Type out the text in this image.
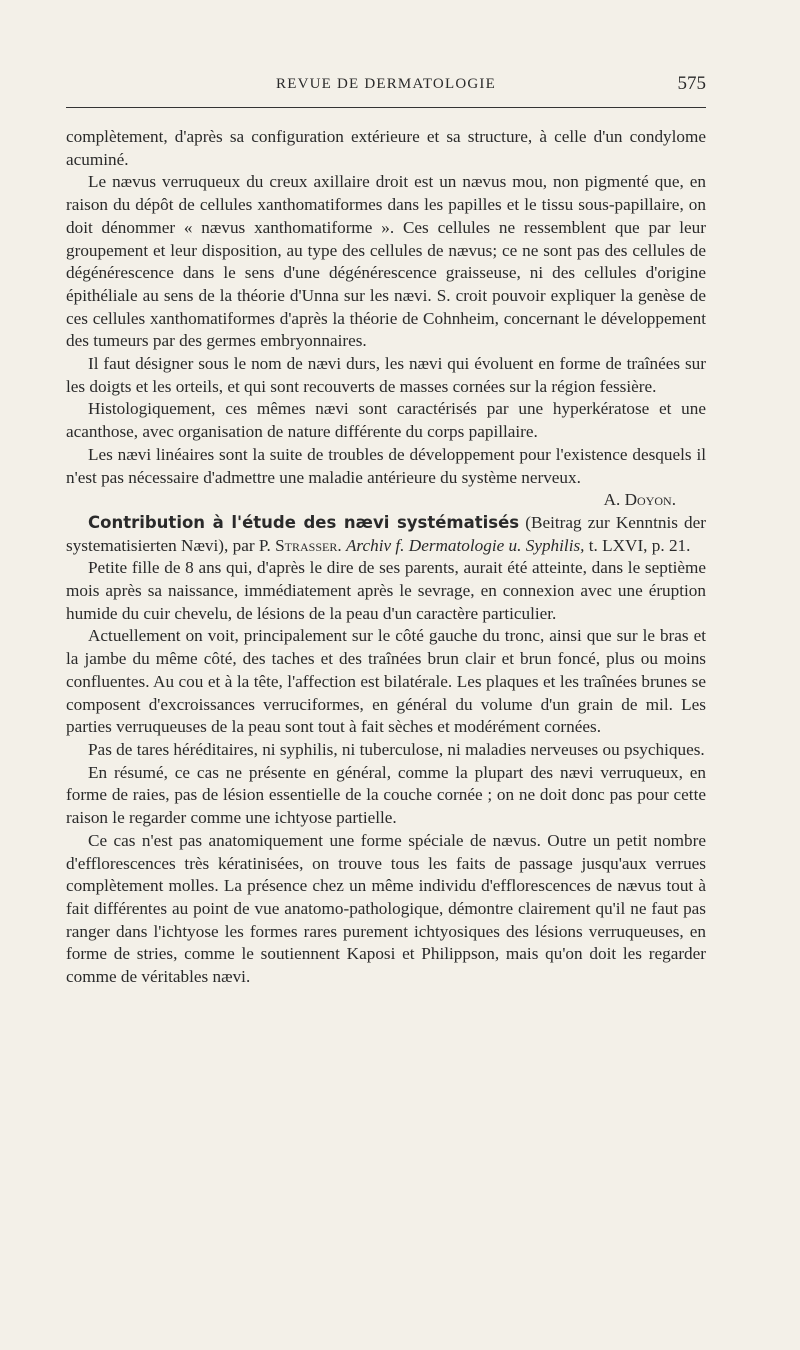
REVUE DE DERMATOLOGIE	575

complètement, d'après sa configuration extérieure et sa structure, à celle d'un condylome acuminé.

Le nævus verruqueux du creux axillaire droit est un nævus mou, non pigmenté que, en raison du dépôt de cellules xanthomatiformes dans les papilles et le tissu sous-papillaire, on doit dénommer « nævus xanthomatiforme ». Ces cellules ne ressemblent que par leur groupement et leur disposition, au type des cellules de nævus; ce ne sont pas des cellules de dégénérescence dans le sens d'une dégénérescence graisseuse, ni des cellules d'origine épithéliale au sens de la théorie d'Unna sur les nævi. S. croit pouvoir expliquer la genèse de ces cellules xanthomatiformes d'après la théorie de Cohnheim, concernant le développement des tumeurs par des germes embryonnaires.

Il faut désigner sous le nom de nævi durs, les nævi qui évoluent en forme de traînées sur les doigts et les orteils, et qui sont recouverts de masses cornées sur la région fessière.

Histologiquement, ces mêmes nævi sont caractérisés par une hyperkératose et une acanthose, avec organisation de nature différente du corps papillaire.

Les nævi linéaires sont la suite de troubles de développement pour l'existence desquels il n'est pas nécessaire d'admettre une maladie antérieure du système nerveux.

A. Doyon.

Contribution à l'étude des nævi systématisés (Beitrag zur Kenntnis der systematisierten Nævi), par P. Strasser. Archiv f. Dermatologie u. Syphilis, t. LXVI, p. 21.

Petite fille de 8 ans qui, d'après le dire de ses parents, aurait été atteinte, dans le septième mois après sa naissance, immédiatement après le sevrage, en connexion avec une éruption humide du cuir chevelu, de lésions de la peau d'un caractère particulier.

Actuellement on voit, principalement sur le côté gauche du tronc, ainsi que sur le bras et la jambe du même côté, des taches et des traînées brun clair et brun foncé, plus ou moins confluentes. Au cou et à la tête, l'affection est bilatérale. Les plaques et les traînées brunes se composent d'excroissances verruciformes, en général du volume d'un grain de mil. Les parties verruqueuses de la peau sont tout à fait sèches et modérément cornées.

Pas de tares héréditaires, ni syphilis, ni tuberculose, ni maladies nerveuses ou psychiques.

En résumé, ce cas ne présente en général, comme la plupart des nævi verruqueux, en forme de raies, pas de lésion essentielle de la couche cornée ; on ne doit donc pas pour cette raison le regarder comme une ichtyose partielle.

Ce cas n'est pas anatomiquement une forme spéciale de nævus. Outre un petit nombre d'efflorescences très kératinisées, on trouve tous les faits de passage jusqu'aux verrues complètement molles. La présence chez un même individu d'efflorescences de nævus tout à fait différentes au point de vue anatomo-pathologique, démontre clairement qu'il ne faut pas ranger dans l'ichtyose les formes rares purement ichtyosiques des lésions verruqueuses, en forme de stries, comme le soutiennent Kaposi et Philippson, mais qu'on doit les regarder comme de véritables nævi.
